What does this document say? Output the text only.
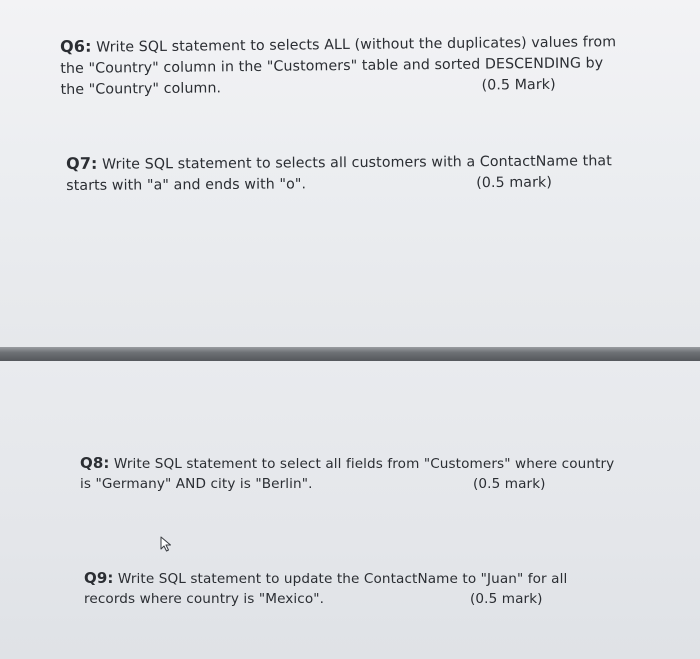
Q6: Write SQL statement to selects ALL (without the duplicates) values from
the "Country" column in the "Customers" table and sorted DESCENDING by
the "Country" column.	(0.5 Mark)
Q7: Write SQL statement to selects all customers with a ContactName that
starts with "a" and ends with "o".	(0.5 mark)
Q8: Write SQL statement to select all fields from "Customers" where country
is "Germany" AND city is "Berlin".	(0.5 mark)
Q9: Write SQL statement to update the ContactName to "Juan" for all
records where country is "Mexico".	(0.5 mark)
